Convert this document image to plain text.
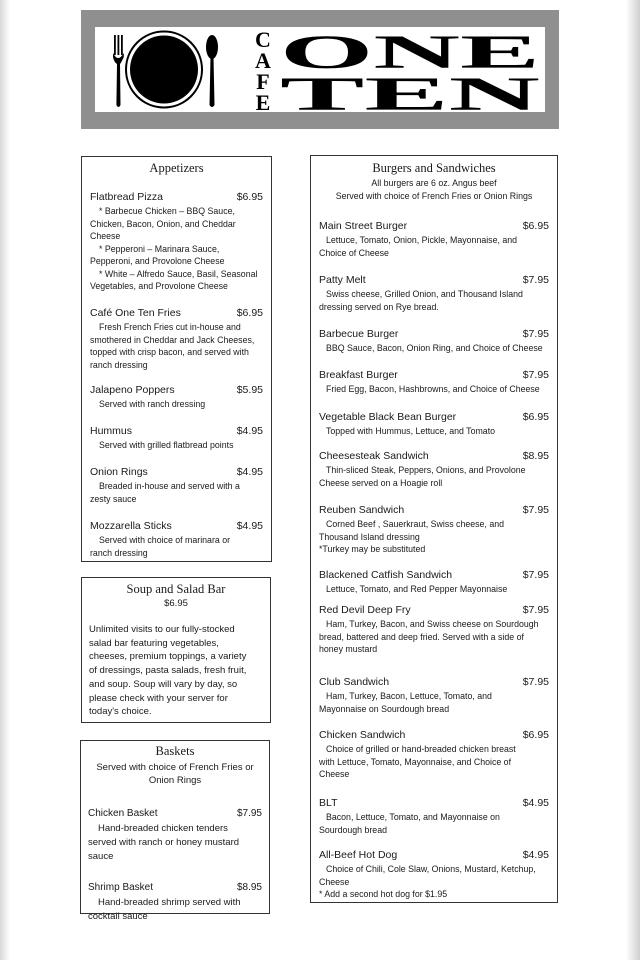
C
A
F
E
ONE
TEN
Appetizers
Flatbread Pizza	$6.95
* Barbecue Chicken – BBQ Sauce,
Chicken, Bacon, Onion, and Cheddar
Cheese
* Pepperoni – Marinara Sauce,
Pepperoni, and Provolone Cheese
* White – Alfredo Sauce, Basil, Seasonal
Vegetables, and Provolone Cheese
Café One Ten Fries	$6.95
Fresh French Fries cut in-house and
smothered in Cheddar and Jack Cheeses,
topped with crisp bacon, and served with
ranch dressing
Jalapeno Poppers	$5.95
Served with ranch dressing
Hummus	$4.95
Served with grilled flatbread points
Onion Rings	$4.95
Breaded in-house and served with a
zesty sauce
Mozzarella Sticks	$4.95
Served with choice of marinara or
ranch dressing
Soup and Salad Bar
$6.95
Unlimited visits to our fully-stocked
salad bar featuring vegetables,
cheeses, premium toppings, a variety
of dressings, pasta salads, fresh fruit,
and soup. Soup will vary by day, so
please check with your server for
today's choice.
Baskets
Served with choice of French Fries or
Onion Rings
Chicken Basket	$7.95
Hand-breaded chicken tenders
served with ranch or honey mustard
sauce
Shrimp Basket	$8.95
Hand-breaded shrimp served with
cocktail sauce
Burgers and Sandwiches
All burgers are 6 oz. Angus beef
Served with choice of French Fries or Onion Rings
Main Street Burger	$6.95
Lettuce, Tomato, Onion, Pickle, Mayonnaise, and
Choice of Cheese
Patty Melt	$7.95
Swiss cheese, Grilled Onion, and Thousand Island
dressing served on Rye bread.
Barbecue Burger	$7.95
BBQ Sauce, Bacon, Onion Ring, and Choice of Cheese
Breakfast Burger	$7.95
Fried Egg, Bacon, Hashbrowns, and Choice of Cheese
Vegetable Black Bean Burger	$6.95
Topped with Hummus, Lettuce, and Tomato
Cheesesteak Sandwich	$8.95
Thin-sliced Steak, Peppers, Onions, and Provolone
Cheese served on a Hoagie roll
Reuben Sandwich	$7.95
Corned Beef , Sauerkraut, Swiss cheese, and
Thousand Island dressing
*Turkey may be substituted
Blackened Catfish Sandwich	$7.95
Lettuce, Tomato, and Red Pepper Mayonnaise
Red Devil Deep Fry	$7.95
Ham, Turkey, Bacon, and Swiss cheese on Sourdough
bread, battered and deep fried. Served with a side of
honey mustard
Club Sandwich	$7.95
Ham, Turkey, Bacon, Lettuce, Tomato, and
Mayonnaise on Sourdough bread
Chicken Sandwich	$6.95
Choice of grilled or hand-breaded chicken breast
with Lettuce, Tomato, Mayonnaise, and Choice of
Cheese
BLT	$4.95
Bacon, Lettuce, Tomato, and Mayonnaise on
Sourdough bread
All-Beef Hot Dog	$4.95
Choice of Chili, Cole Slaw, Onions, Mustard, Ketchup,
Cheese
* Add a second hot dog for $1.95
